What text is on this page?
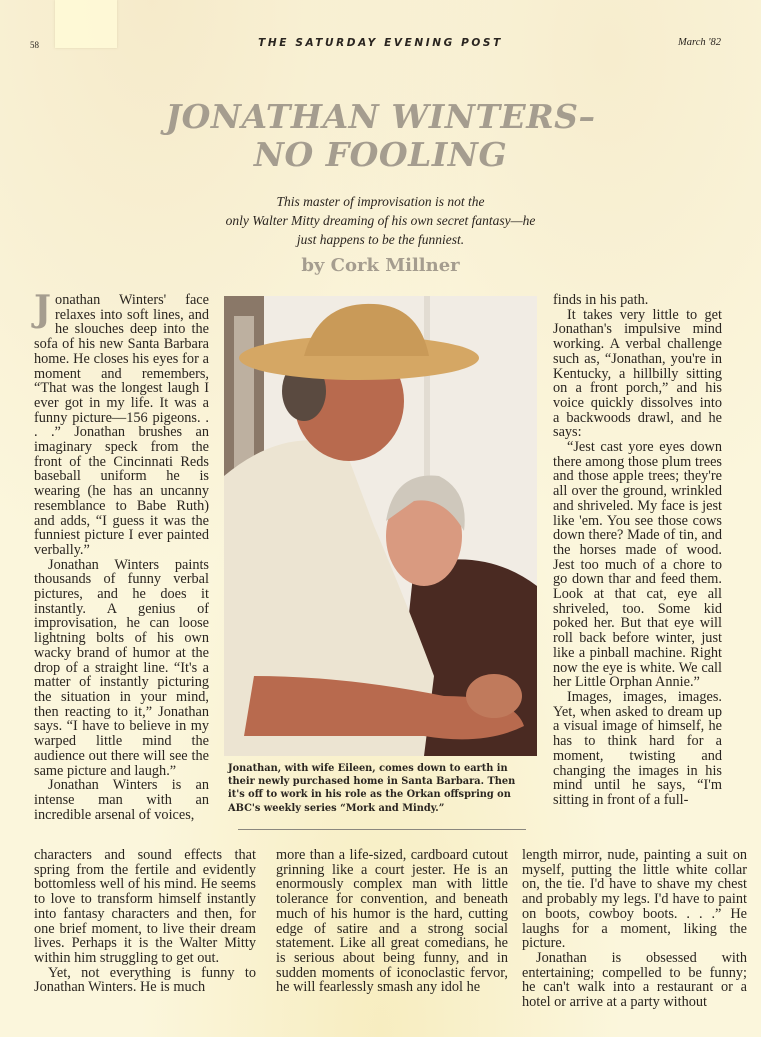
58	THE SATURDAY EVENING POST	March '82
JONATHAN WINTERS–
NO FOOLING
This master of improvisation is not the
only Walter Mitty dreaming of his own secret fantasy—he
just happens to be the funniest.
by Cork Millner

Jonathan Winters' face relaxes into soft lines, and he slouches deep into the sofa of his new Santa Barbara home. He closes his eyes for a moment and remembers, “That was the longest laugh I ever got in my life. It was a funny picture—156 pigeons. . . .” Jonathan brushes an imaginary speck from the front of the Cincinnati Reds baseball uniform he is wearing (he has an uncanny resemblance to Babe Ruth) and adds, “I guess it was the funniest picture I ever painted verbally.”

Jonathan Winters paints thousands of funny verbal pictures, and he does it instantly. A genius of improvisation, he can loose lightning bolts of his own wacky brand of humor at the drop of a straight line. “It's a matter of instantly picturing the situation in your mind, then reacting to it,” Jonathan says. “I have to believe in my warped little mind the audience out there will see the same picture and laugh.”

Jonathan Winters is an intense man with an incredible arsenal of voices,

Jonathan, with wife Eileen, comes down to earth in their newly purchased home in Santa Barbara. Then it's off to work in his role as the Orkan offspring on ABC's weekly series “Mork and Mindy.”

characters and sound effects that spring from the fertile and evidently bottomless well of his mind. He seems to love to transform himself instantly into fantasy characters and then, for one brief moment, to live their dream lives. Perhaps it is the Walter Mitty within him struggling to get out.

Yet, not everything is funny to Jonathan Winters. He is much

more than a life-sized, cardboard cutout grinning like a court jester. He is an enormously complex man with little tolerance for convention, and beneath much of his humor is the hard, cutting edge of satire and a strong social statement. Like all great comedians, he is serious about being funny, and in sudden moments of iconoclastic fervor, he will fearlessly smash any idol he

finds in his path.

It takes very little to get Jonathan's impulsive mind working. A verbal challenge such as, “Jonathan, you're in Kentucky, a hillbilly sitting on a front porch,” and his voice quickly dissolves into a backwoods drawl, and he says:

“Jest cast yore eyes down there among those plum trees and those apple trees; they're all over the ground, wrinkled and shriveled. My face is jest like 'em. You see those cows down there? Made of tin, and the horses made of wood. Jest too much of a chore to go down thar and feed them. Look at that cat, eye all shriveled, too. Some kid poked her. But that eye will roll back before winter, just like a pinball machine. Right now the eye is white. We call her Little Orphan Annie.”

Images, images, images. Yet, when asked to dream up a visual image of himself, he has to think hard for a moment, twisting and changing the images in his mind until he says, “I'm sitting in front of a full-

length mirror, nude, painting a suit on myself, putting the little white collar on, the tie. I'd have to shave my chest and probably my legs. I'd have to paint on boots, cowboy boots. . . .” He laughs for a moment, liking the picture.

Jonathan is obsessed with entertaining; compelled to be funny; he can't walk into a restaurant or a hotel or arrive at a party without
